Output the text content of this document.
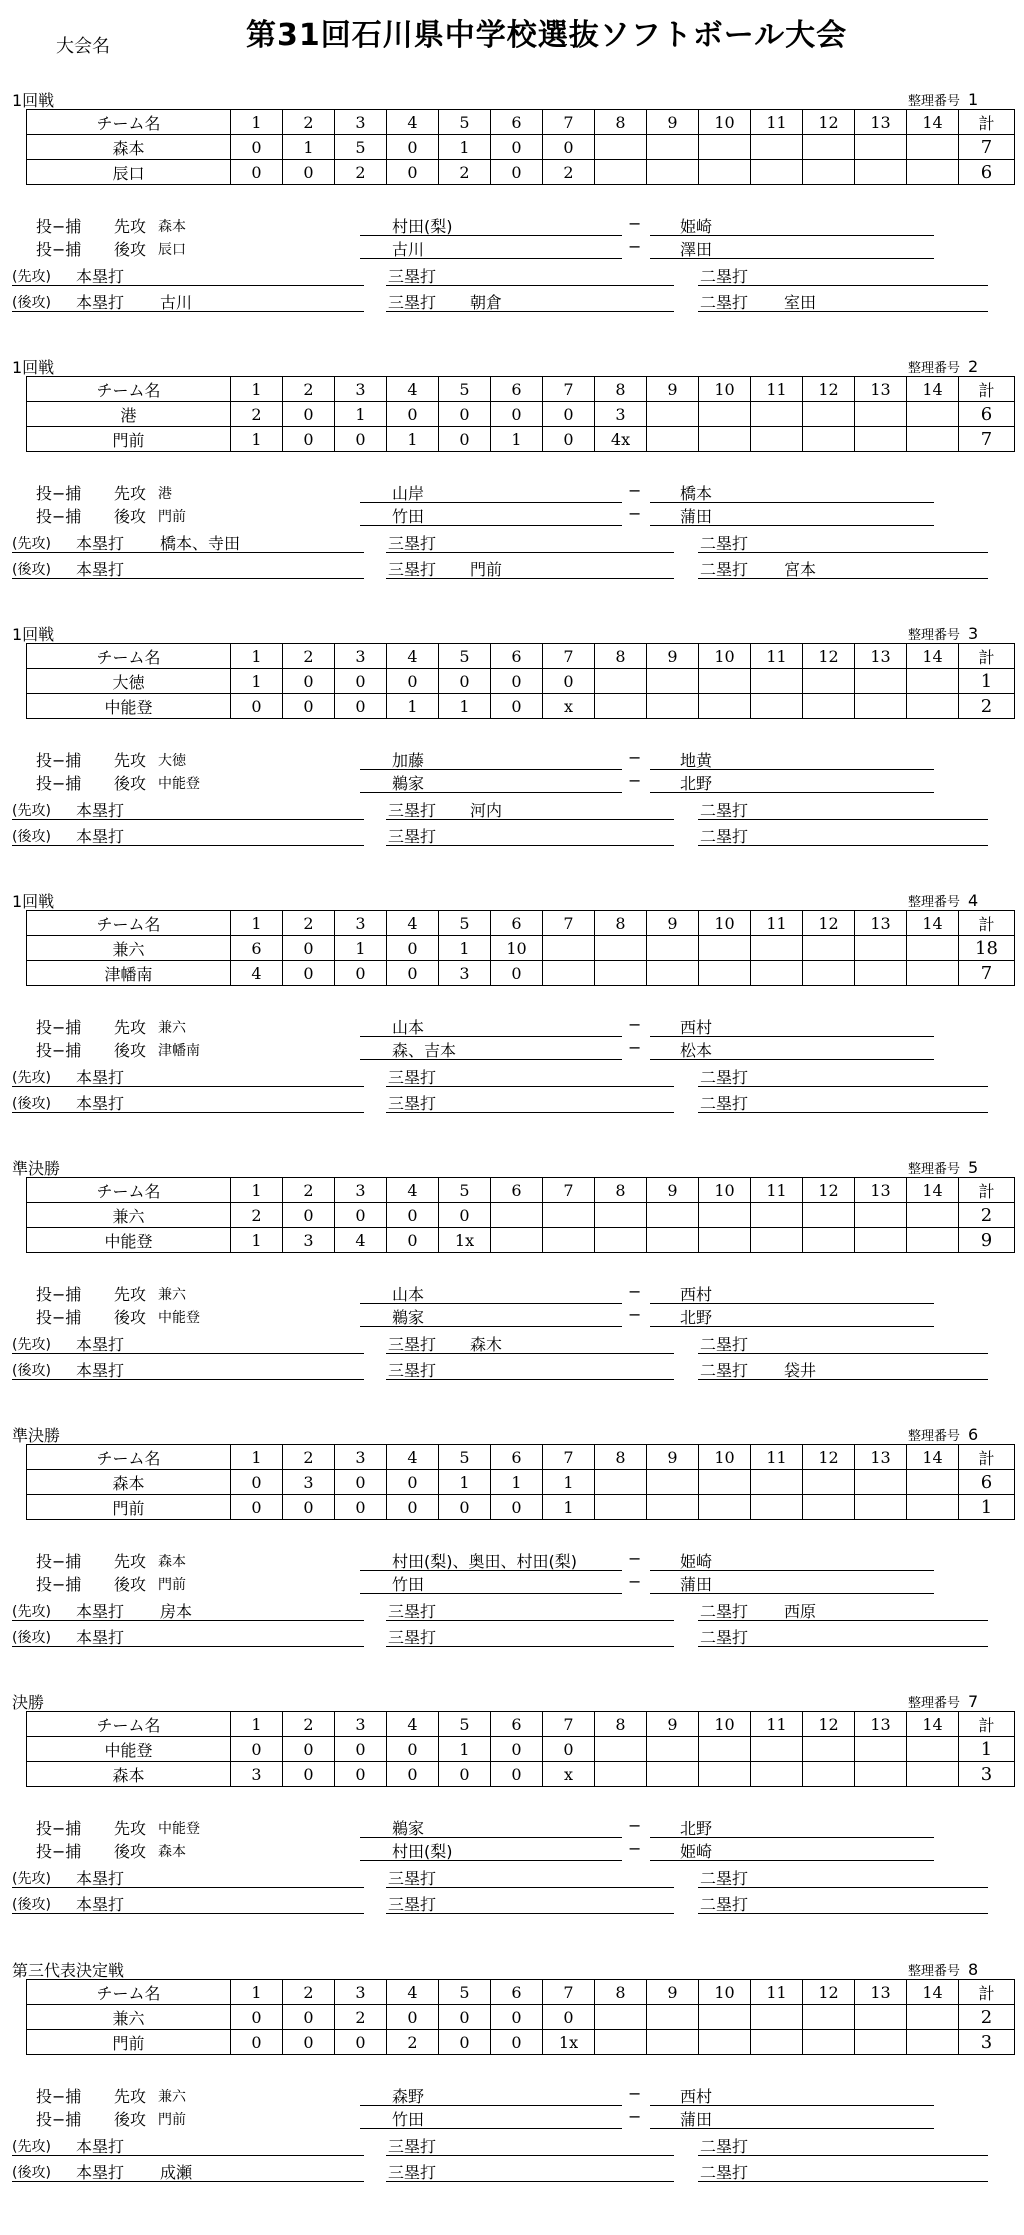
大会名	第31回石川県中学校選抜ソフトボール大会
1回戦	整理番号 1
チーム名	1	2	3	4	5	6	7	8	9	10	11	12	13	14	計
森本	0	1	5	0	1	0	0								7
辰口	0	0	2	0	2	0	2								6
投−捕 先攻 森本	村田(梨)	− 姫崎
投−捕 後攻 辰口	古川	− 澤田
(先攻) 本塁打	三塁打	二塁打
(後攻) 本塁打 古川	三塁打 朝倉	二塁打 室田
1回戦	整理番号 2
チーム名	1	2	3	4	5	6	7	8	9	10	11	12	13	14	計
港	2	0	1	0	0	0	0	3							6
門前	1	0	0	1	0	1	0	4x							7
投−捕 先攻 港	山岸	− 橋本
投−捕 後攻 門前	竹田	− 蒲田
(先攻) 本塁打 橋本、寺田	三塁打	二塁打
(後攻) 本塁打	三塁打 門前	二塁打 宮本
1回戦	整理番号 3
チーム名	1	2	3	4	5	6	7	8	9	10	11	12	13	14	計
大徳	1	0	0	0	0	0	0								1
中能登	0	0	0	1	1	0	x								2
投−捕 先攻 大徳	加藤	− 地黄
投−捕 後攻 中能登	鵜家	− 北野
(先攻) 本塁打	三塁打 河内	二塁打
(後攻) 本塁打	三塁打	二塁打
1回戦	整理番号 4
チーム名	1	2	3	4	5	6	7	8	9	10	11	12	13	14	計
兼六	6	0	1	0	1	10									18
津幡南	4	0	0	0	3	0									7
投−捕 先攻 兼六	山本	− 西村
投−捕 後攻 津幡南	森、吉本	− 松本
(先攻) 本塁打	三塁打	二塁打
(後攻) 本塁打	三塁打	二塁打
準決勝	整理番号 5
チーム名	1	2	3	4	5	6	7	8	9	10	11	12	13	14	計
兼六	2	0	0	0	0										2
中能登	1	3	4	0	1x										9
投−捕 先攻 兼六	山本	− 西村
投−捕 後攻 中能登	鵜家	− 北野
(先攻) 本塁打	三塁打 森木	二塁打
(後攻) 本塁打	三塁打	二塁打 袋井
準決勝	整理番号 6
チーム名	1	2	3	4	5	6	7	8	9	10	11	12	13	14	計
森本	0	3	0	0	1	1	1								6
門前	0	0	0	0	0	0	1								1
投−捕 先攻 森本	村田(梨)、奥田、村田(梨)	− 姫崎
投−捕 後攻 門前	竹田	− 蒲田
(先攻) 本塁打 房本	三塁打	二塁打 西原
(後攻) 本塁打	三塁打	二塁打
決勝	整理番号 7
チーム名	1	2	3	4	5	6	7	8	9	10	11	12	13	14	計
中能登	0	0	0	0	1	0	0								1
森本	3	0	0	0	0	0	x								3
投−捕 先攻 中能登	鵜家	− 北野
投−捕 後攻 森本	村田(梨)	− 姫崎
(先攻) 本塁打	三塁打	二塁打
(後攻) 本塁打	三塁打	二塁打
第三代表決定戦	整理番号 8
チーム名	1	2	3	4	5	6	7	8	9	10	11	12	13	14	計
兼六	0	0	2	0	0	0	0								2
門前	0	0	0	2	0	0	1x								3
投−捕 先攻 兼六	森野	− 西村
投−捕 後攻 門前	竹田	− 蒲田
(先攻) 本塁打	三塁打	二塁打
(後攻) 本塁打 成瀬	三塁打	二塁打
